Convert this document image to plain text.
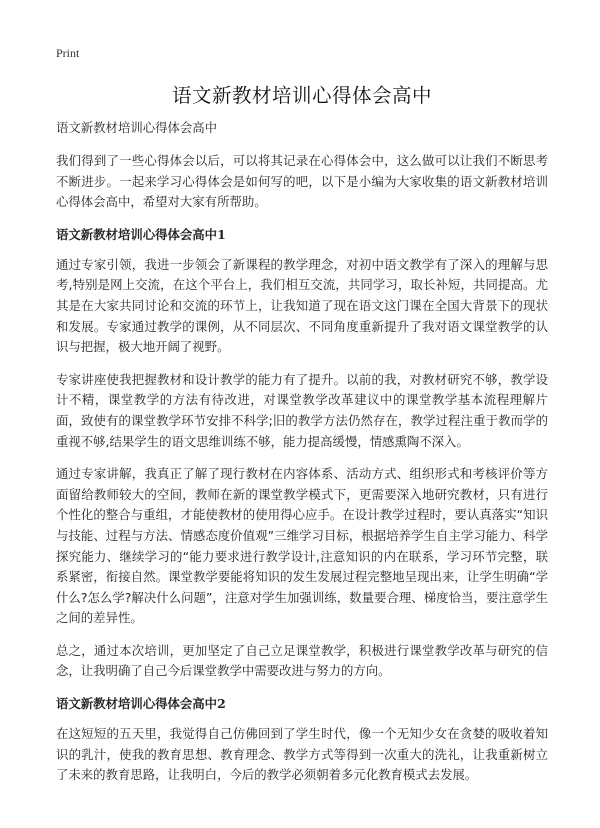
Print
语文新教材培训心得体会高中

语文新教材培训心得体会高中

我们得到了一些心得体会以后，可以将其记录在心得体会中，这么做可以让我们不断思考不断进步。一起来学习心得体会是如何写的吧，以下是小编为大家收集的语文新教材培训心得体会高中，希望对大家有所帮助。

语文新教材培训心得体会高中1

通过专家引领，我进一步领会了新课程的教学理念，对初中语文教学有了深入的理解与思考,特别是网上交流，在这个平台上，我们相互交流，共同学习，取长补短，共同提高。尤其是在大家共同讨论和交流的环节上，让我知道了现在语文这门课在全国大背景下的现状和发展。专家通过教学的课例，从不同层次、不同角度重新提升了我对语文课堂教学的认识与把握，极大地开阔了视野。

专家讲座使我把握教材和设计教学的能力有了提升。以前的我，对教材研究不够，教学设计不精，课堂教学的方法有待改进，对课堂教学改革建议中的课堂教学基本流程理解片面，致使有的课堂教学环节安排不科学;旧的教学方法仍然存在，教学过程注重于教而学的重视不够,结果学生的语文思维训练不够，能力提高缓慢，情感熏陶不深入。

通过专家讲解，我真正了解了现行教材在内容体系、活动方式、组织形式和考核评价等方面留给教师较大的空间，教师在新的课堂教学模式下，更需要深入地研究教材，只有进行个性化的整合与重组，才能使教材的使用得心应手。在设计教学过程时，要认真落实“知识与技能、过程与方法、情感态度价值观”三维学习目标，根据培养学生自主学习能力、科学探究能力、继续学习的“能力要求进行教学设计,注意知识的内在联系，学习环节完整，联系紧密，衔接自然。课堂教学要能将知识的发生发展过程完整地呈现出来，让学生明确“学什么?怎么学?解决什么问题”，注意对学生加强训练，数量要合理、梯度恰当，要注意学生之间的差异性。

总之，通过本次培训，更加坚定了自己立足课堂教学，积极进行课堂教学改革与研究的信念，让我明确了自己今后课堂教学中需要改进与努力的方向。

语文新教材培训心得体会高中2

在这短短的五天里，我觉得自己仿佛回到了学生时代，像一个无知少女在贪婪的吸收着知识的乳汁，使我的教育思想、教育理念、教学方式等得到一次重大的洗礼，让我重新树立了未来的教育思路，让我明白，今后的教学必须朝着多元化教育模式去发展。
